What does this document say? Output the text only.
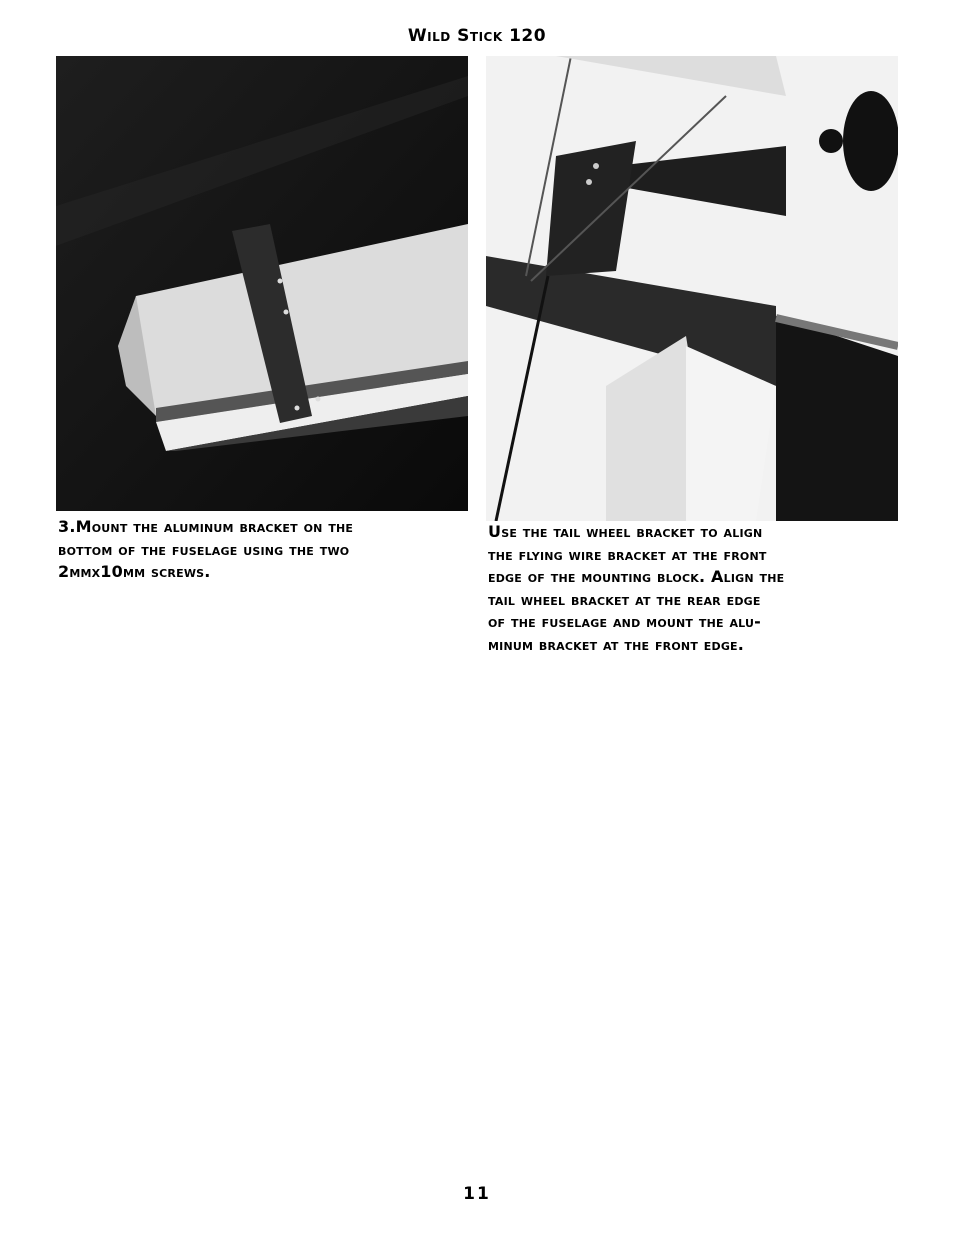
Wild Stick 120
3.Mount the aluminum bracket on the
bottom of the fuselage using the two
2mmx10mm screws.
Use the tail wheel bracket to align
the flying wire bracket at the front
edge of the mounting block. Align the
tail wheel bracket at the rear edge
of the fuselage and mount the alu-
minum bracket at the front edge.
11
